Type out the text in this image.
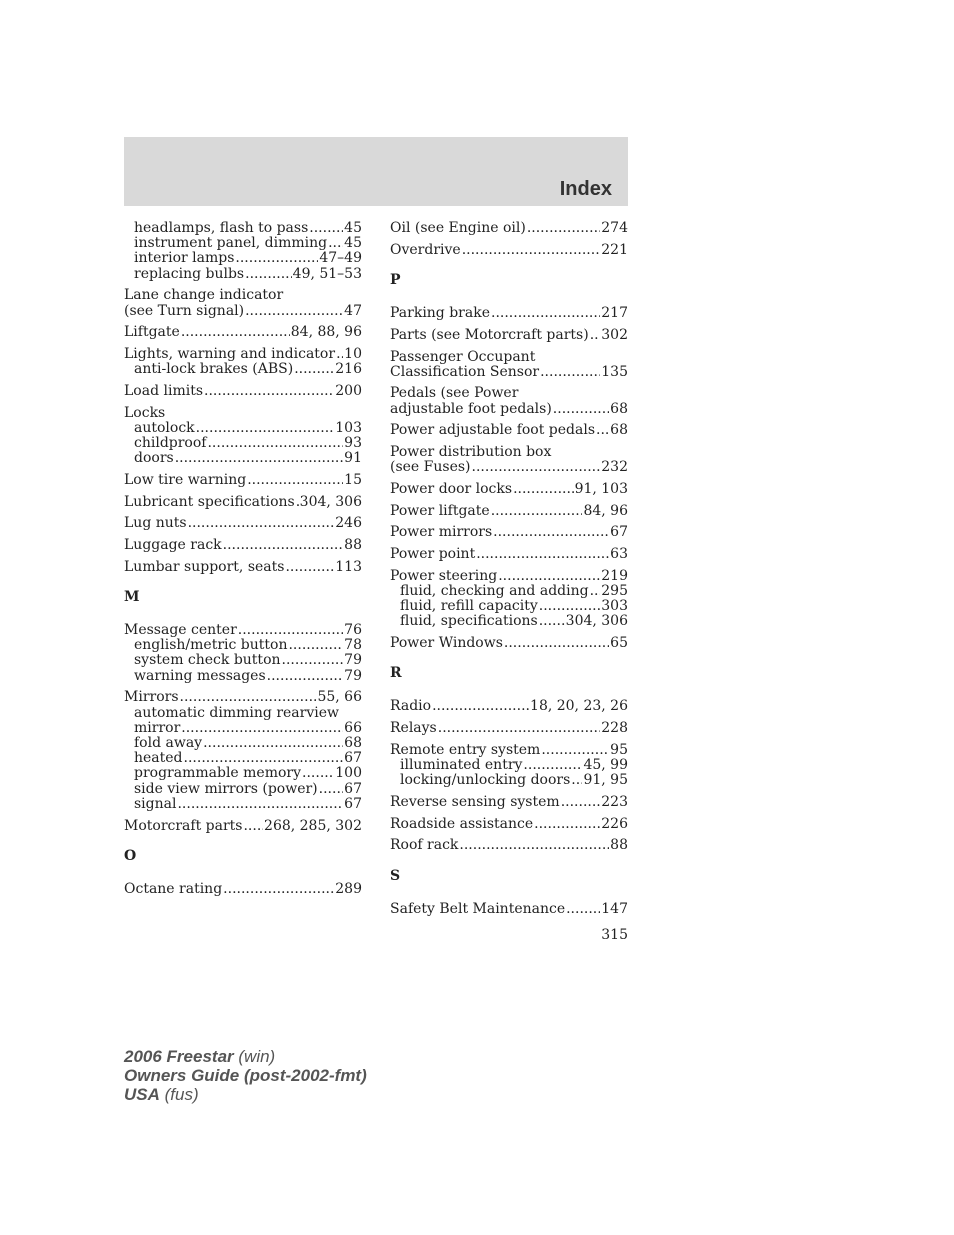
Index
headlamps, flash to pass .....	45
instrument panel, dimming ..... 45
interior lamps .....	47–49
replacing bulbs .....	49, 51–53
Lane change indicator
(see Turn signal) .....	47
Liftgate .....	84, 88, 96
Lights, warning and indicator ..... 10
anti-lock brakes (ABS) .....	216
Load limits .....	200
Locks
autolock .....	103
childproof .....	93
doors .....	91
Low tire warning .....	15
Lubricant specifications ..... 304, 306
Lug nuts .....	246
Luggage rack .....	88
Lumbar support, seats .....	113
M
Message center .....	76
english/metric button .....	78
system check button .....	79
warning messages .....	79
Mirrors .....	55, 66
automatic dimming rearview
mirror .....	66
fold away .....	68
heated .....	67
programmable memory ..... 100
side view mirrors (power) ..... 67
signal .....	67
Motorcraft parts ..... 268, 285, 302
O
Octane rating .....	289
Oil (see Engine oil) .....	274
Overdrive .....	221
P
Parking brake .....	217
Parts (see Motorcraft parts) ..... 302
Passenger Occupant
Classification Sensor .....	135
Pedals (see Power
adjustable foot pedals) .....	68
Power adjustable foot pedals ..... 68
Power distribution box
(see Fuses) .....	232
Power door locks .....	91, 103
Power liftgate .....	84, 96
Power mirrors .....	67
Power point .....	63
Power steering .....	219
fluid, checking and adding ..... 295
fluid, refill capacity .....	303
fluid, specifications ..... 304, 306
Power Windows .....	65
R
Radio .....	18, 20, 23, 26
Relays .....	228
Remote entry system .....	95
illuminated entry .....	45, 99
locking/unlocking doors ..... 91, 95
Reverse sensing system .....	223
Roadside assistance .....	226
Roof rack .....	88
S
Safety Belt Maintenance .....	147
315
2006 Freestar (win)
Owners Guide (post-2002-fmt)
USA (fus)
